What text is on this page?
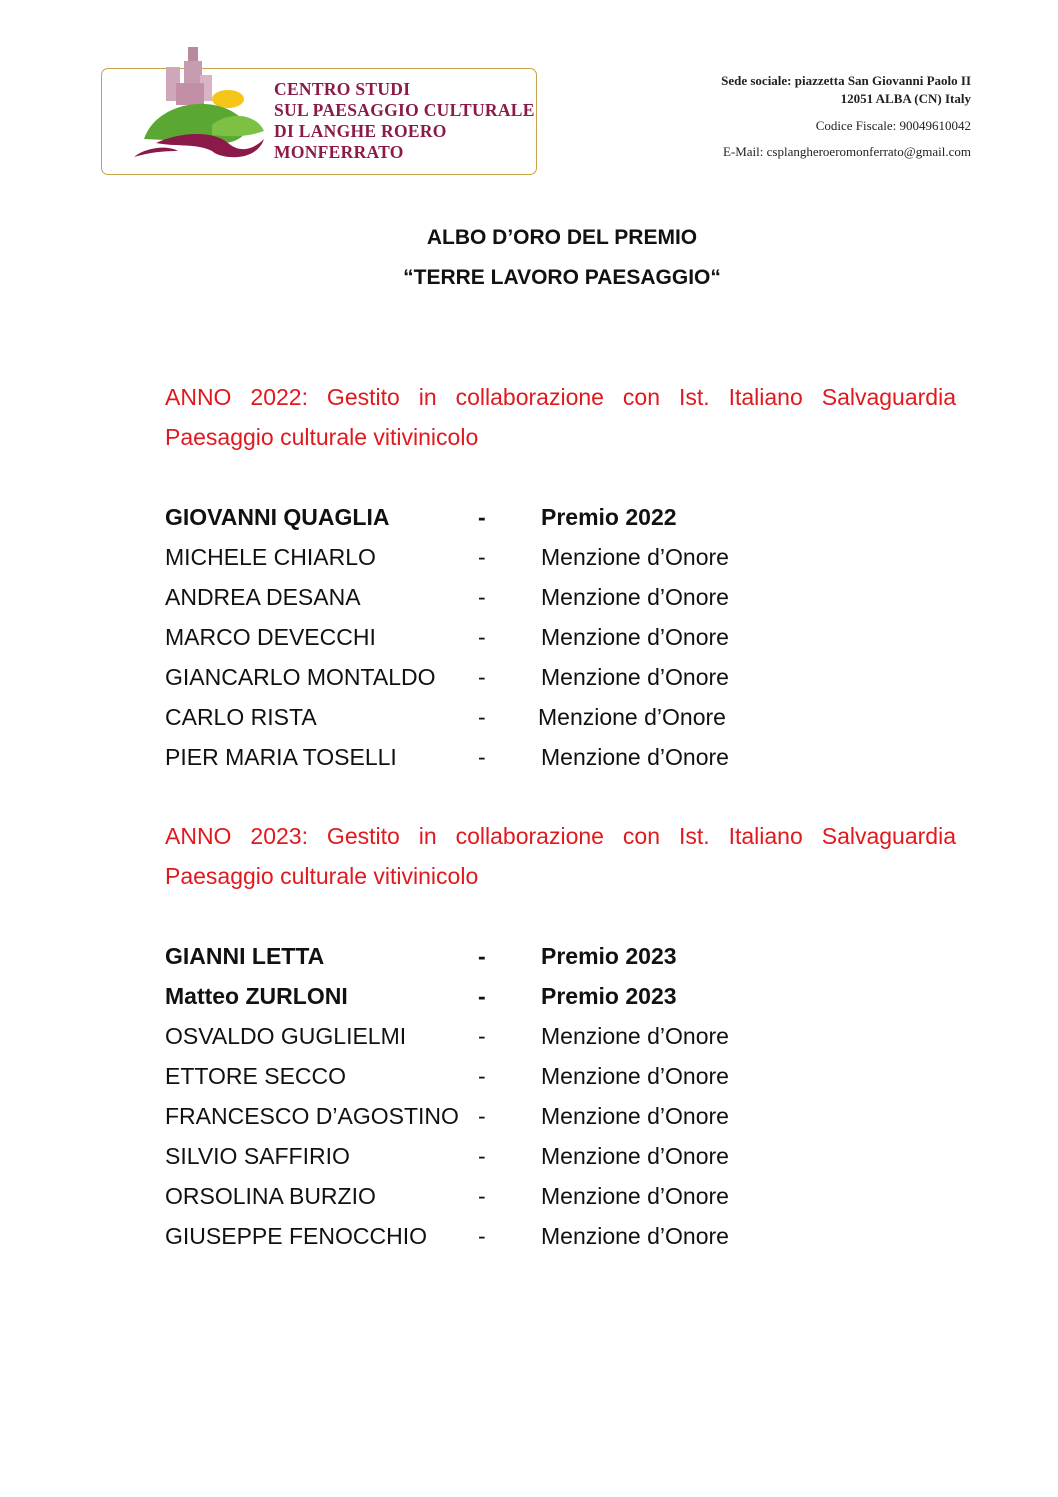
CENTRO STUDI
SUL PAESAGGIO CULTURALE
DI LANGHE ROERO
MONFERRATO
Sede sociale: piazzetta San Giovanni Paolo II
12051 ALBA (CN) Italy
Codice Fiscale: 90049610042
E-Mail: csplangheroeromonferrato@gmail.com
ALBO D’ORO DEL PREMIO
“TERRE LAVORO PAESAGGIO“
ANNO 2022: Gestito in collaborazione con Ist. Italiano Salvaguardia Paesaggio culturale vitivinicolo
GIOVANNI QUAGLIA	- Premio 2022
MICHELE CHIARLO	- Menzione d’Onore
ANDREA DESANA	- Menzione d’Onore
MARCO DEVECCHI	- Menzione d’Onore
GIANCARLO MONTALDO - Menzione d’Onore
CARLO RISTA	- Menzione d’Onore
PIER MARIA TOSELLI	- Menzione d’Onore
ANNO 2023: Gestito in collaborazione con Ist. Italiano Salvaguardia Paesaggio culturale vitivinicolo
GIANNI LETTA	- Premio 2023
Matteo ZURLONI	- Premio 2023
OSVALDO GUGLIELMI	- Menzione d’Onore
ETTORE SECCO	- Menzione d’Onore
FRANCESCO D’AGOSTINO - Menzione d’Onore
SILVIO SAFFIRIO	- Menzione d’Onore
ORSOLINA BURZIO	- Menzione d’Onore
GIUSEPPE FENOCCHIO - Menzione d’Onore
